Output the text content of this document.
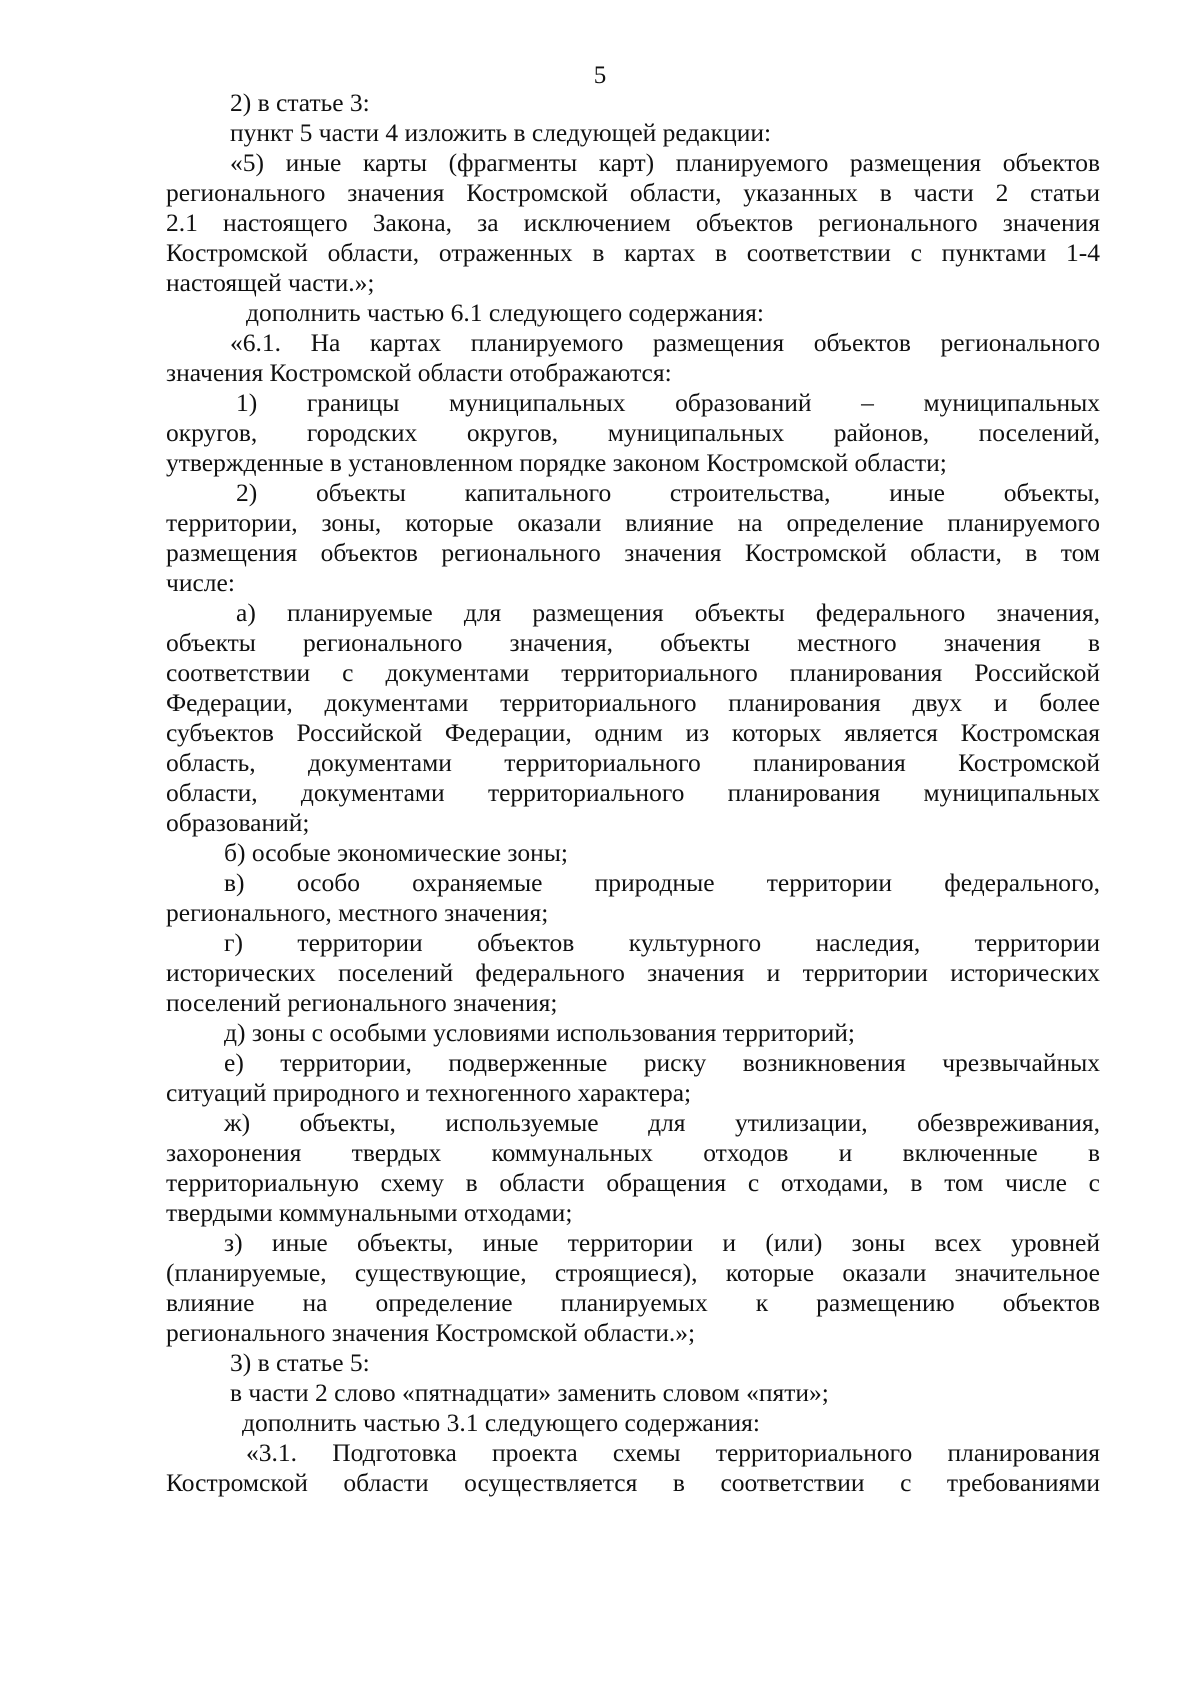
5
2) в статье 3:
пункт 5 части 4 изложить в следующей редакции:
«5) иные карты (фрагменты карт) планируемого размещения объектов
регионального значения Костромской области, указанных в части 2 статьи
2.1 настоящего Закона, за исключением объектов регионального значения
Костромской области, отраженных в картах в соответствии с пунктами 1-4
настоящей части.»;
дополнить частью 6.1 следующего содержания:
«6.1. На картах планируемого размещения объектов регионального
значения Костромской области отображаются:
1) границы муниципальных образований – муниципальных
округов, городских округов, муниципальных районов, поселений,
утвержденные в установленном порядке законом Костромской области;
2) объекты капитального строительства, иные объекты,
территории, зоны, которые оказали влияние на определение планируемого
размещения объектов регионального значения Костромской области, в том
числе:
а) планируемые для размещения объекты федерального значения,
объекты регионального значения, объекты местного значения в
соответствии с документами территориального планирования Российской
Федерации, документами территориального планирования двух и более
субъектов Российской Федерации, одним из которых является Костромская
область, документами территориального планирования Костромской
области, документами территориального планирования муниципальных
образований;
б) особые экономические зоны;
в) особо охраняемые природные территории федерального,
регионального, местного значения;
г) территории объектов культурного наследия, территории
исторических поселений федерального значения и территории исторических
поселений регионального значения;
д) зоны с особыми условиями использования территорий;
е) территории, подверженные риску возникновения чрезвычайных
ситуаций природного и техногенного характера;
ж) объекты, используемые для утилизации, обезвреживания,
захоронения твердых коммунальных отходов и включенные в
территориальную схему в области обращения с отходами, в том числе с
твердыми коммунальными отходами;
з) иные объекты, иные территории и (или) зоны всех уровней
(планируемые, существующие, строящиеся), которые оказали значительное
влияние на определение планируемых к размещению объектов
регионального значения Костромской области.»;
3) в статье 5:
в части 2 слово «пятнадцати» заменить словом «пяти»;
дополнить частью 3.1 следующего содержания:
«3.1. Подготовка проекта схемы территориального планирования
Костромской области осуществляется в соответствии с требованиями
